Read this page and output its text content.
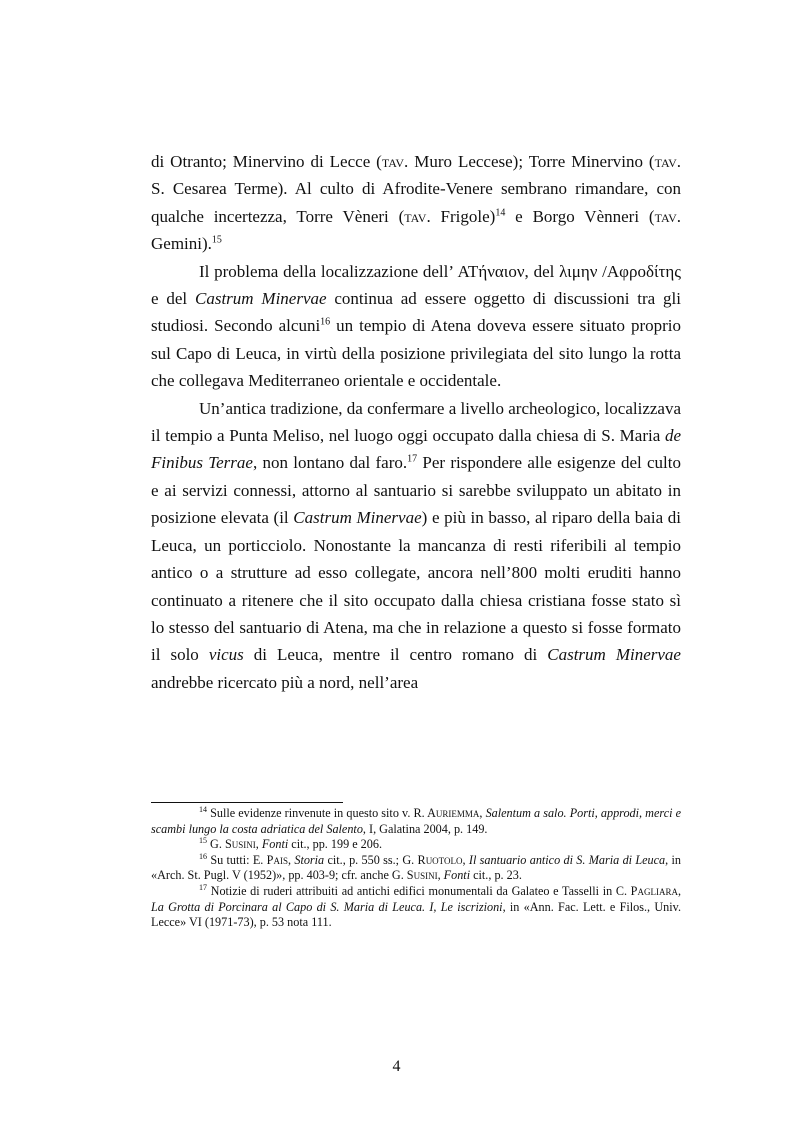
di Otranto; Minervino di Lecce (tav. Muro Leccese); Torre Minervino (tav. S. Cesarea Terme). Al culto di Afrodite-Venere sembrano rimandare, con qualche incertezza, Torre Vèneri (tav. Frigole)$^{14}$ e Borgo Vènneri (tav. Gemini).$^{15}$

Il problema della localizzazione dell’ ΑΤήναιον, del λιμην /Αφροδίτης e del Castrum Minervae continua ad essere oggetto di discussioni tra gli studiosi. Secondo alcuni$^{16}$ un tempio di Atena doveva essere situato proprio sul Capo di Leuca, in virtù della posizione privilegiata del sito lungo la rotta che collegava Mediterraneo orientale e occidentale.

Un’antica tradizione, da confermare a livello archeologico, localizzava il tempio a Punta Meliso, nel luogo oggi occupato dalla chiesa di S. Maria de Finibus Terrae, non lontano dal faro.$^{17}$ Per rispondere alle esigenze del culto e ai servizi connessi, attorno al santuario si sarebbe sviluppato un abitato in posizione elevata (il Castrum Minervae) e più in basso, al riparo della baia di Leuca, un porticciolo. Nonostante la mancanza di resti riferibili al tempio antico o a strutture ad esso collegate, ancora nell’800 molti eruditi hanno continuato a ritenere che il sito occupato dalla chiesa cristiana fosse stato sì lo stesso del santuario di Atena, ma che in relazione a questo si fosse formato il solo vicus di Leuca, mentre il centro romano di Castrum Minervae andrebbe ricercato più a nord, nell’area

$^{14}$ Sulle evidenze rinvenute in questo sito v. R. Auriemma, Salentum a salo. Porti, approdi, merci e scambi lungo la costa adriatica del Salento, I, Galatina 2004, p. 149.

$^{15}$ G. Susini, Fonti cit., pp. 199 e 206.

$^{16}$ Su tutti: E. Pais, Storia cit., p. 550 ss.; G. Ruotolo, Il santuario antico di S. Maria di Leuca, in «Arch. St. Pugl. V (1952)», pp. 403-9; cfr. anche G. Susini, Fonti cit., p. 23.

$^{17}$ Notizie di ruderi attribuiti ad antichi edifici monumentali da Galateo e Tasselli in C. Pagliara, La Grotta di Porcinara al Capo di S. Maria di Leuca. I, Le iscrizioni, in «Ann. Fac. Lett. e Filos., Univ. Lecce» VI (1971-73), p. 53 nota 111.

4
